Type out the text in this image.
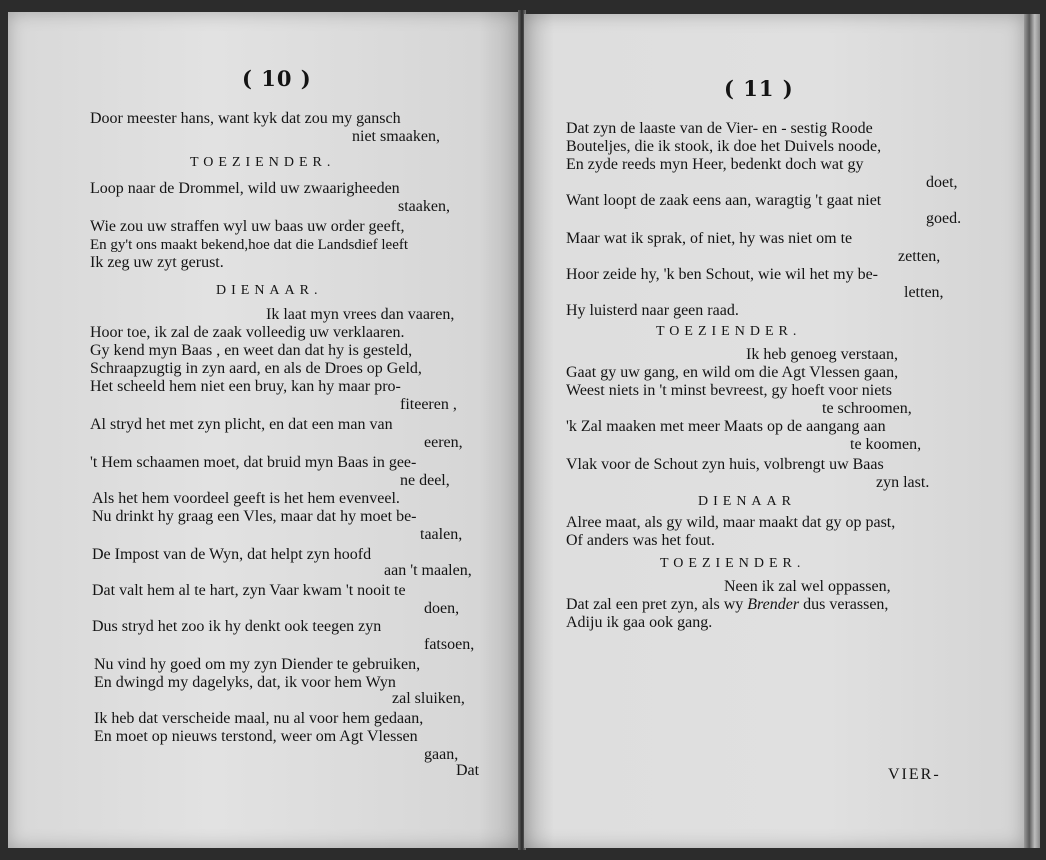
( 10 )
Door meester hans, want kyk dat zou my gansch
niet smaaken,
TOEZIENDER.
Loop naar de Drommel, wild uw zwaarigheeden
staaken,
Wie zou uw straffen wyl uw baas uw order geeft,
En gy't ons maakt bekend,hoe dat die Landsdief leeft
Ik zeg uw zyt gerust.
DIENAAR.
Ik laat myn vrees dan vaaren,
Hoor toe, ik zal de zaak volleedig uw verklaaren.
Gy kend myn Baas , en weet dan dat hy is gesteld,
Schraapzugtig in zyn aard, en als de Droes op Geld,
Het scheeld hem niet een bruy, kan hy maar pro-
fiteeren ,
Al stryd het met zyn plicht, en dat een man van
eeren,
't Hem schaamen moet, dat bruid myn Baas in gee-
ne deel,
Als het hem voordeel geeft is het hem evenveel.
Nu drinkt hy graag een Vles, maar dat hy moet be-
taalen,
De Impost van de Wyn, dat helpt zyn hoofd
aan 't maalen,
Dat valt hem al te hart, zyn Vaar kwam 't nooit te
doen,
Dus stryd het zoo ik hy denkt ook teegen zyn
fatsoen,
Nu vind hy goed om my zyn Diender te gebruiken,
En dwingd my dagelyks, dat, ik voor hem Wyn
zal sluiken,
Ik heb dat verscheide maal, nu al voor hem gedaan,
En moet op nieuws terstond, weer om Agt Vlessen
gaan,
Dat
( 11 )
Dat zyn de laaste van de Vier- en - sestig Roode
Bouteljes, die ik stook, ik doe het Duivels noode,
En zyde reeds myn Heer, bedenkt doch wat gy
doet,
Want loopt de zaak eens aan, waragtig 't gaat niet
goed.
Maar wat ik sprak, of niet, hy was niet om te
zetten,
Hoor zeide hy, 'k ben Schout, wie wil het my be-
letten,
Hy luisterd naar geen raad.
TOEZIENDER.
Ik heb genoeg verstaan,
Gaat gy uw gang, en wild om die Agt Vlessen gaan,
Weest niets in 't minst bevreest, gy hoeft voor niets
te schroomen,
'k Zal maaken met meer Maats op de aangang aan
te koomen,
Vlak voor de Schout zyn huis, volbrengt uw Baas
zyn last.
DIENAAR
Alree maat, als gy wild, maar maakt dat gy op past,
Of anders was het fout.
TOEZIENDER.
Neen ik zal wel oppassen,
Dat zal een pret zyn, als wy Brender dus verassen,
Adiju ik gaa ook gang.
VIER-
